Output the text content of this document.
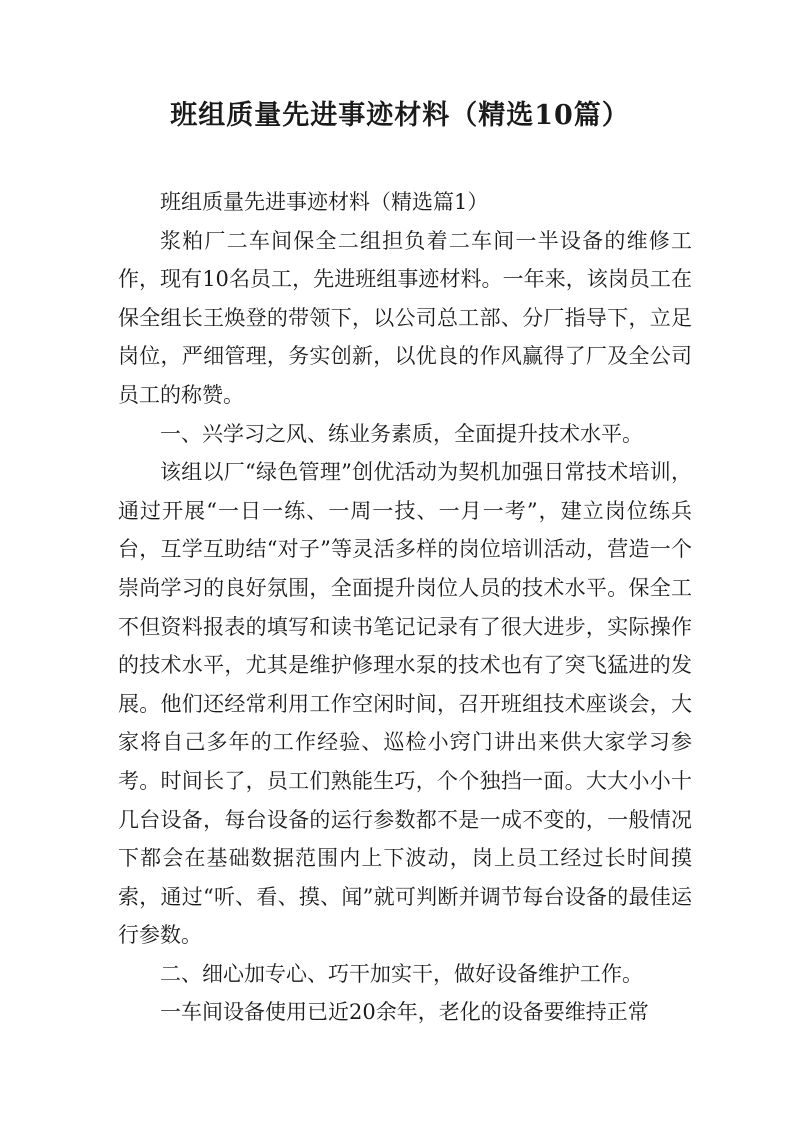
班组质量先进事迹材料（精选10篇）

班组质量先进事迹材料（精选篇1）

浆粕厂二车间保全二组担负着二车间一半设备的维修工作，现有10名员工，先进班组事迹材料。一年来，该岗员工在保全组长王焕登的带领下，以公司总工部、分厂指导下，立足岗位，严细管理，务实创新，以优良的作风赢得了厂及全公司员工的称赞。

一、兴学习之风、练业务素质，全面提升技术水平。

该组以厂“绿色管理”创优活动为契机加强日常技术培训，通过开展“一日一练、一周一技、一月一考”，建立岗位练兵台，互学互助结“对子”等灵活多样的岗位培训活动，营造一个崇尚学习的良好氛围，全面提升岗位人员的技术水平。保全工不但资料报表的填写和读书笔记记录有了很大进步，实际操作的技术水平，尤其是维护修理水泵的技术也有了突飞猛进的发展。他们还经常利用工作空闲时间，召开班组技术座谈会，大家将自己多年的工作经验、巡检小窍门讲出来供大家学习参考。时间长了，员工们熟能生巧，个个独挡一面。大大小小十几台设备，每台设备的运行参数都不是一成不变的，一般情况下都会在基础数据范围内上下波动，岗上员工经过长时间摸索，通过“听、看、摸、闻”就可判断并调节每台设备的最佳运行参数。

二、细心加专心、巧干加实干，做好设备维护工作。

一车间设备使用已近20余年，老化的设备要维持正常
